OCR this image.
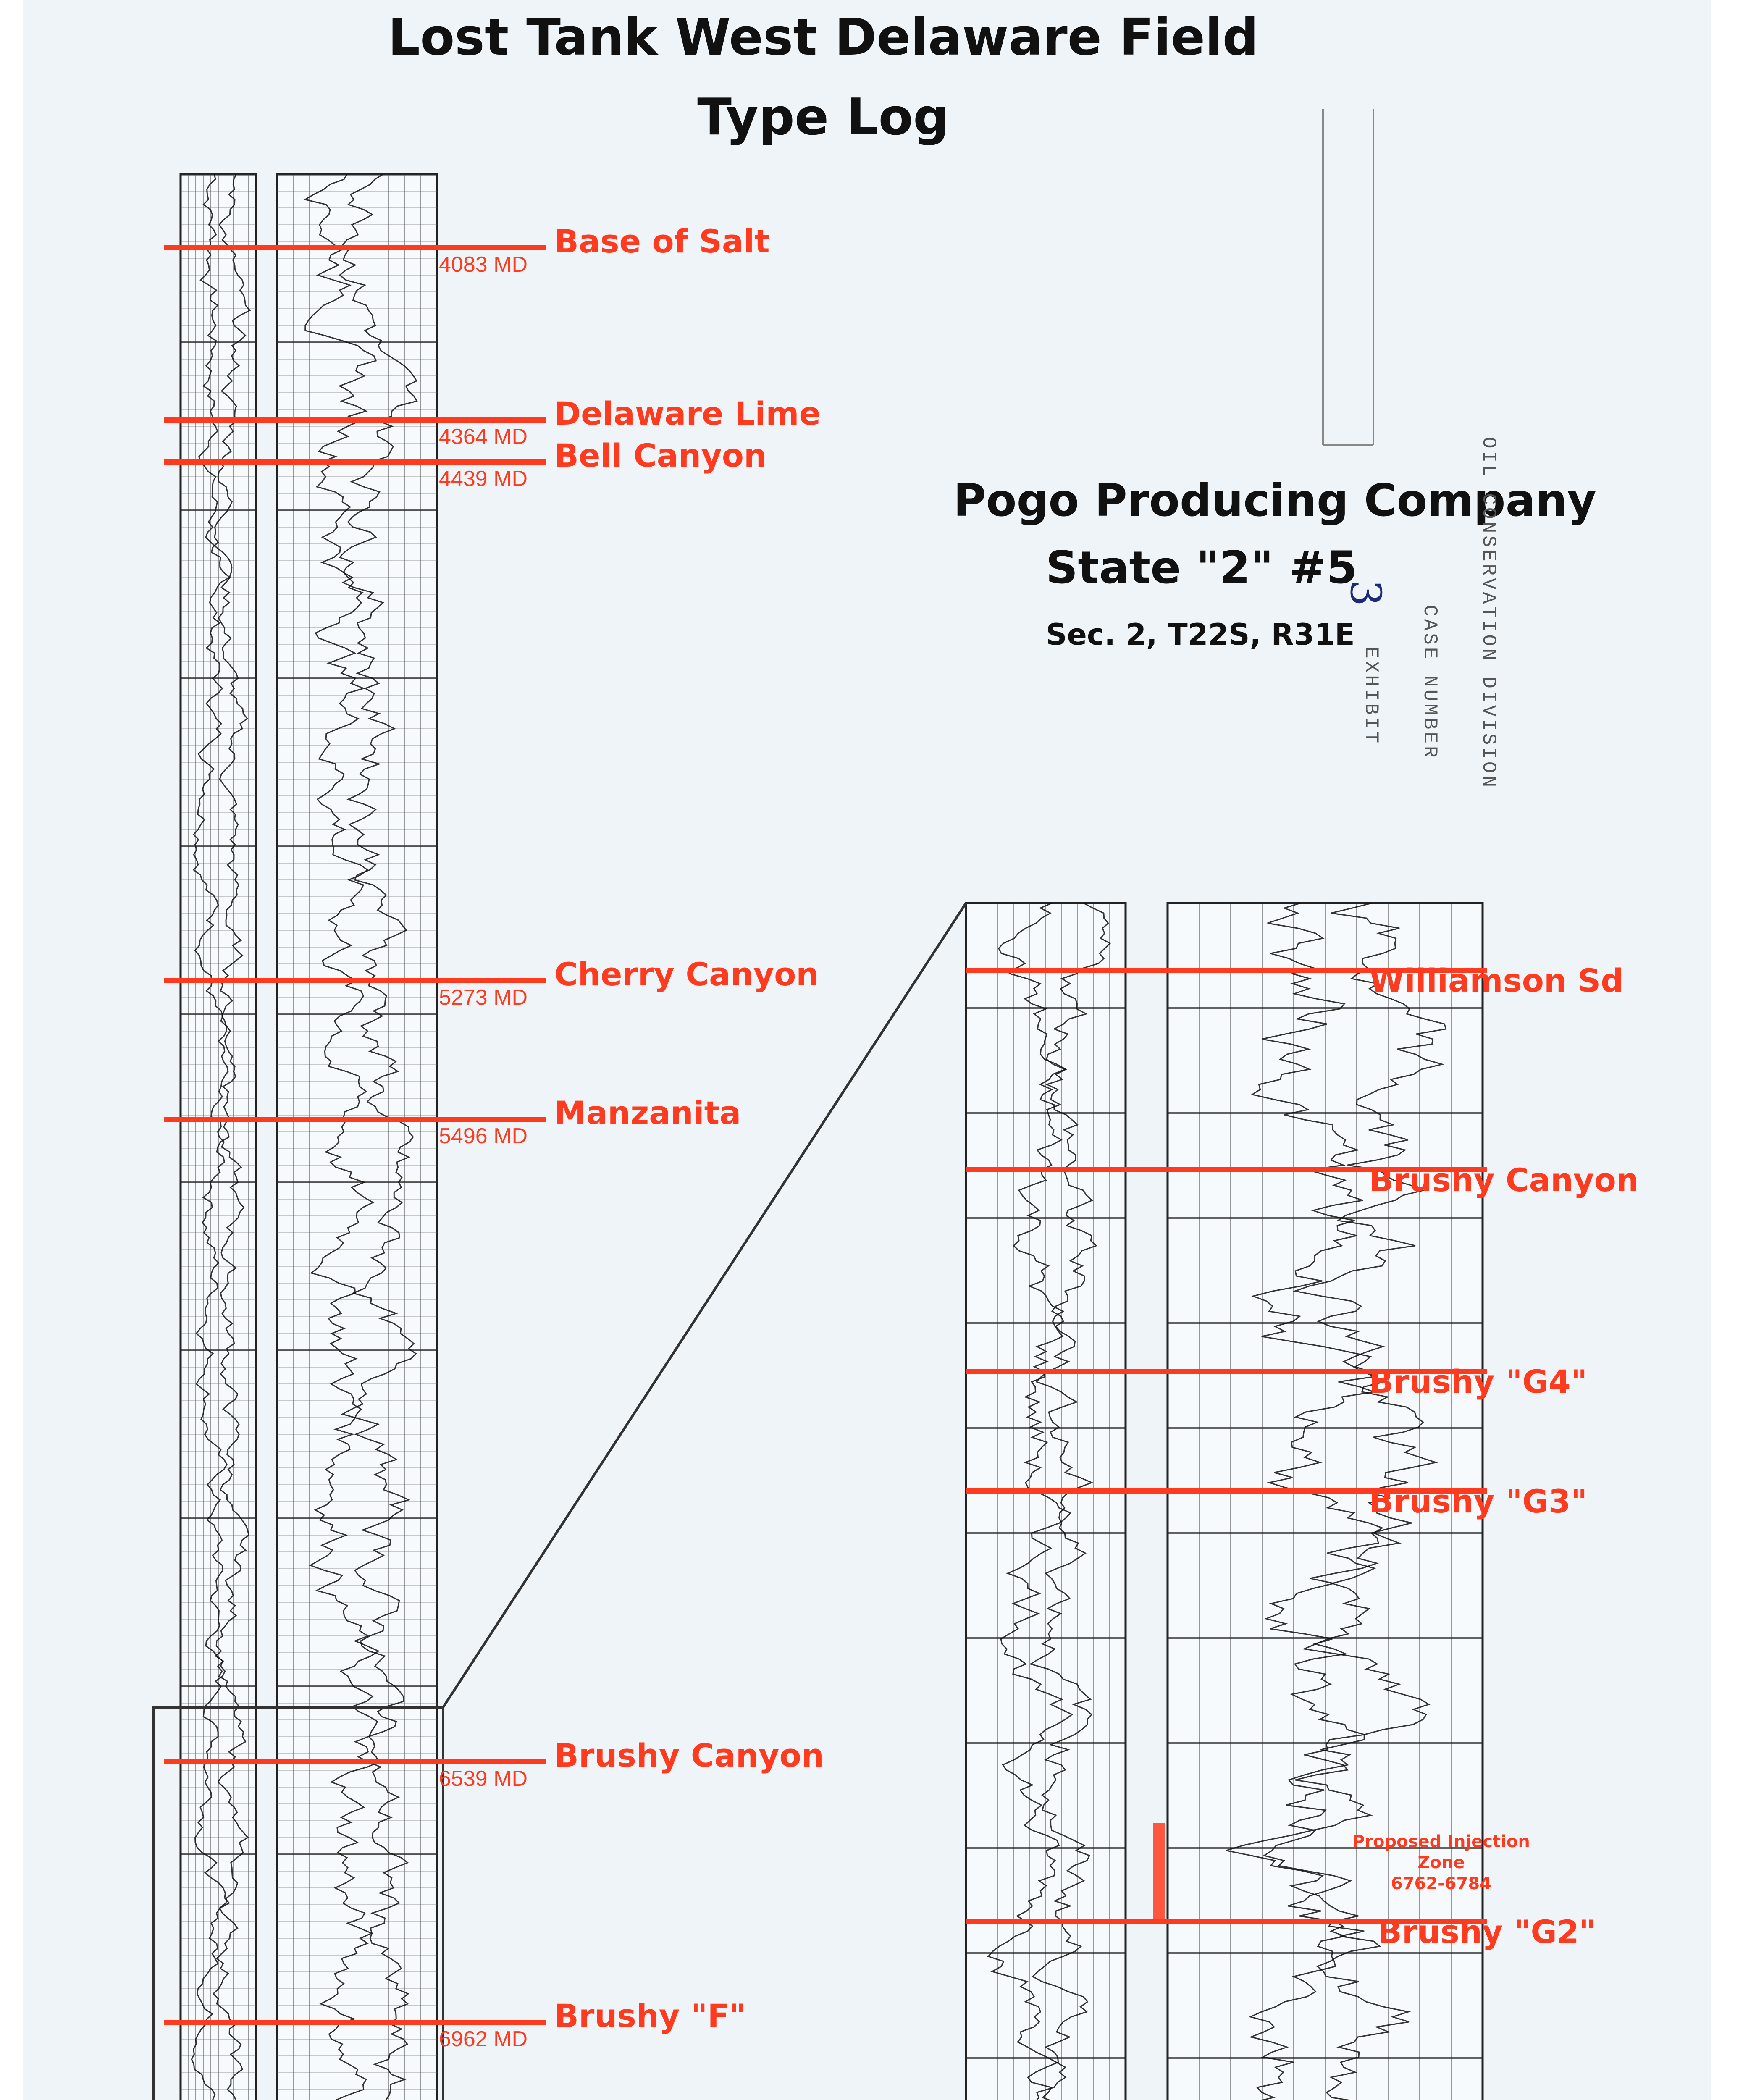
Lost Tank West Delaware Field
Type Log
Pogo Producing Company
State "2" #5
Sec. 2, T22S, R31E
EXHIBIT
3
CASE NUMBER OIL CONSERVATION DIVISION
4083 MD
Base of Salt
4364 MD
Delaware Lime
4439 MD
Bell Canyon
5273 MD
Cherry Canyon
5496 MD
Manzanita
6539 MD
Brushy Canyon
6962 MD
Brushy "F"
Williamson Sd
Brushy Canyon
Brushy "G4"
Brushy "G3"
Brushy "G2"
Proposed Injection
Zone
6762-6784
